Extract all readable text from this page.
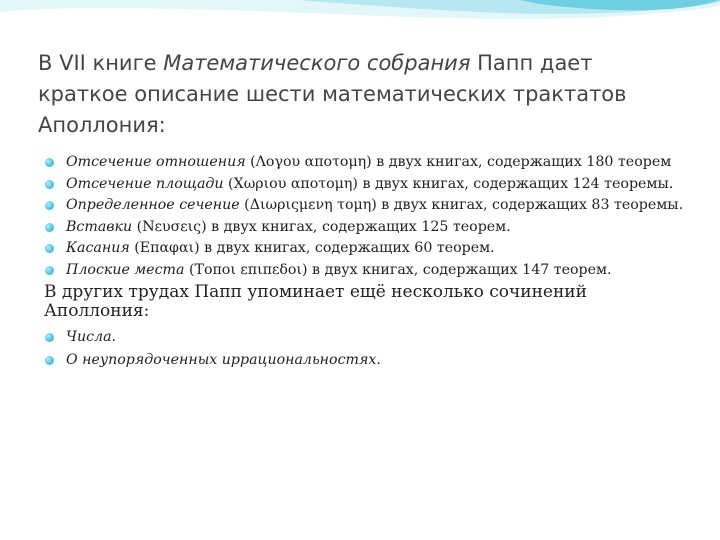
В VII книге Математического собрания Папп дает краткое описание шести математических трактатов Аполлония:
Отсечение отношения (Λογου αποτομη) в двух книгах, содержащих 180 теорем
Отсечение площади (Χωριου αποτομη) в двух книгах, содержащих 124 теоремы.
Определенное сечение (Διωριςμενη τομη) в двух книгах, содержащих 83 теоремы.
Вставки (Νευσεις) в двух книгах, содержащих 125 теорем.
Касания (Επαφαι) в двух книгах, содержащих 60 теорем.
Плоские места (Τοποι επιπεδοι) в двух книгах, содержащих 147 теорем.
В других трудах Папп упоминает ещё несколько сочинений Аполлония:
Числа.
О неупорядоченных иррациональностях.
